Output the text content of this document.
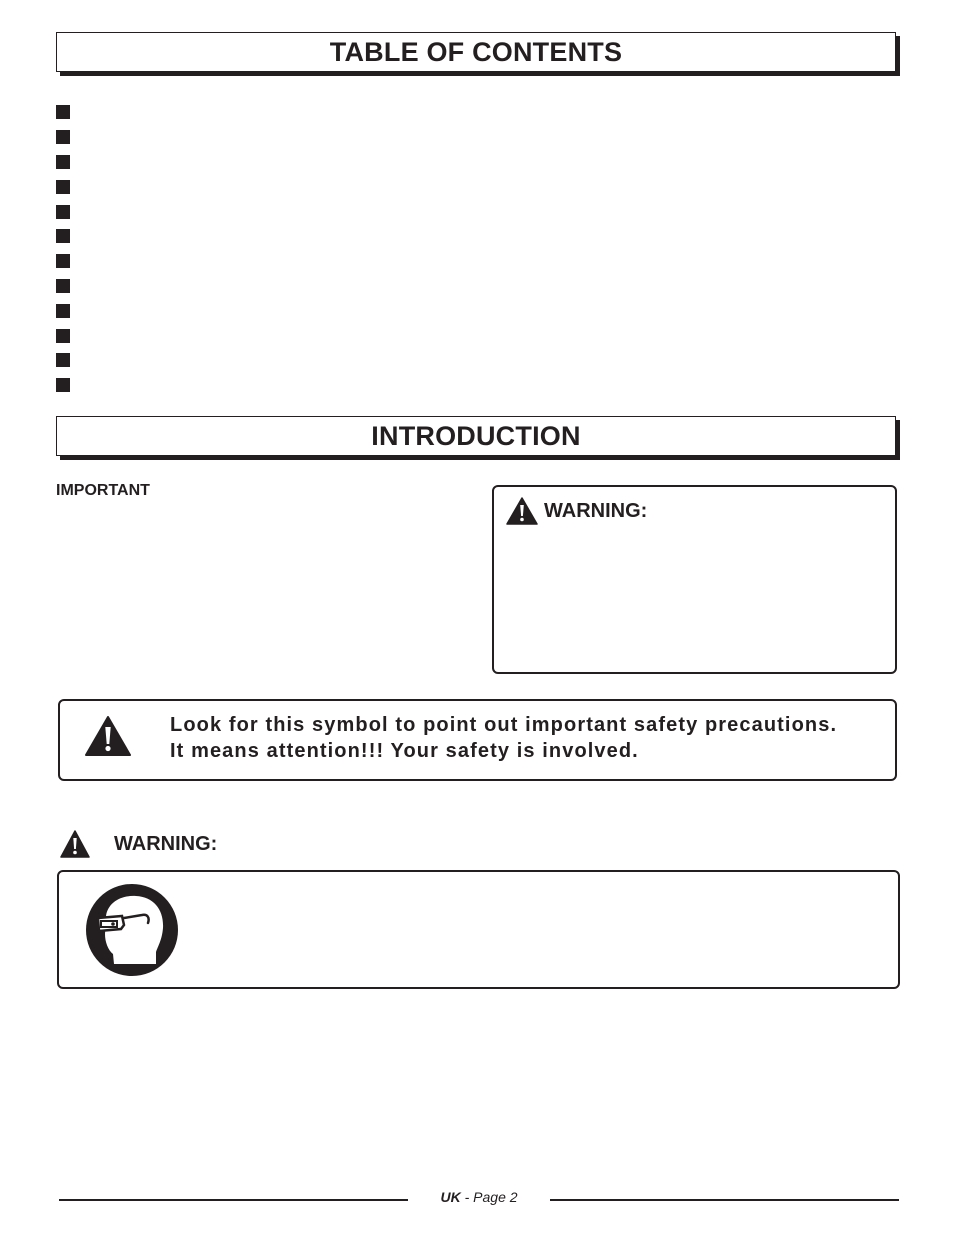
TABLE OF CONTENTS
INTRODUCTION
IMPORTANT
WARNING:
Look for this symbol to point out important safety precautions.
It means attention!!! Your safety is involved.
WARNING:
UK - Page 2
